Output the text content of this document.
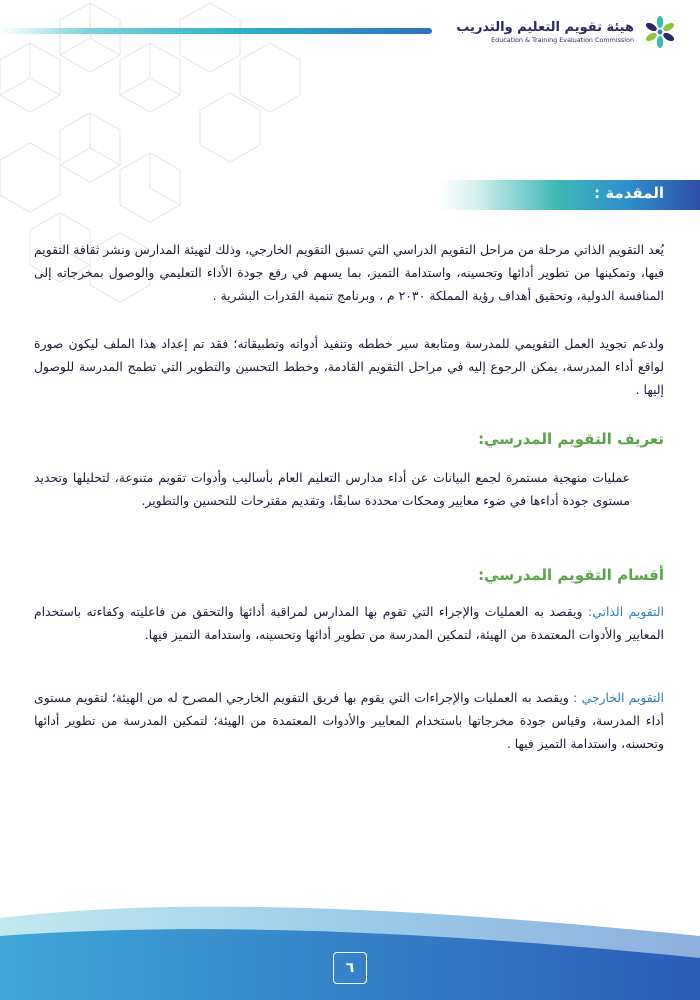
هيئة تقويم التعليم والتدريب
Education & Training Evaluation Commission
المقدمة :

يُعد التقويم الذاتي مرحلة من مراحل التقويم الدراسي التي تسبق التقويم الخارجي، وذلك لتهيئة المدارس ونشر ثقافة التقويم فيها، وتمكينها من تطوير أدائها وتحسينه، واستدامة التميز، بما يسهم في رفع جودة الأداء التعليمي والوصول بمخرجاته إلى المنافسة الدولية، وتحقيق أهداف رؤية المملكة ٢٠٣٠ م ، وبرنامج تنمية القدرات البشرية .

ولدعم تجويد العمل التقويمي للمدرسة ومتابعة سير خططه وتنفيذ أدواته وتطبيقاته؛ فقد تم إعداد هذا الملف ليكون صورة لواقع أداء المدرسة، يمكن الرجوع إليه في مراحل التقويم القادمة، وخطط التحسين والتطوير التي تطمح المدرسة للوصول إليها .

تعريف التقويم المدرسي:

عمليات منهجية مستمرة لجمع البيانات عن أداء مدارس التعليم العام بأساليب وأدوات تقويم متنوعة، لتحليلها وتحديد مستوى جودة أداءها في ضوء معايير ومحكات محددة سابقًا، وتقديم مقترحات للتحسين والتطوير.

أقسام التقويم المدرسي:

التقويم الذاتي: ويقصد به العمليات والإجراء التي تقوم بها المدارس لمراقبة أدائها والتحقق من فاعليته وكفاءته باستخدام المعايير والأدوات المعتمدة من الهيئة، لتمكين المدرسة من تطوير أدائها وتحسينه، واستدامة التميز فيها.

التقويم الخارجي : ويقصد به العمليات والإجراءات التي يقوم بها فريق التقويم الخارجي المصرح له من الهيئة؛ لتقويم مستوى أداء المدرسة، وقياس جودة مخرجاتها باستخدام المعايير والأدوات المعتمدة من الهيئة؛ لتمكين المدرسة من تطوير أدائها وتحسنه، واستدامة التميز فيها .

٦
